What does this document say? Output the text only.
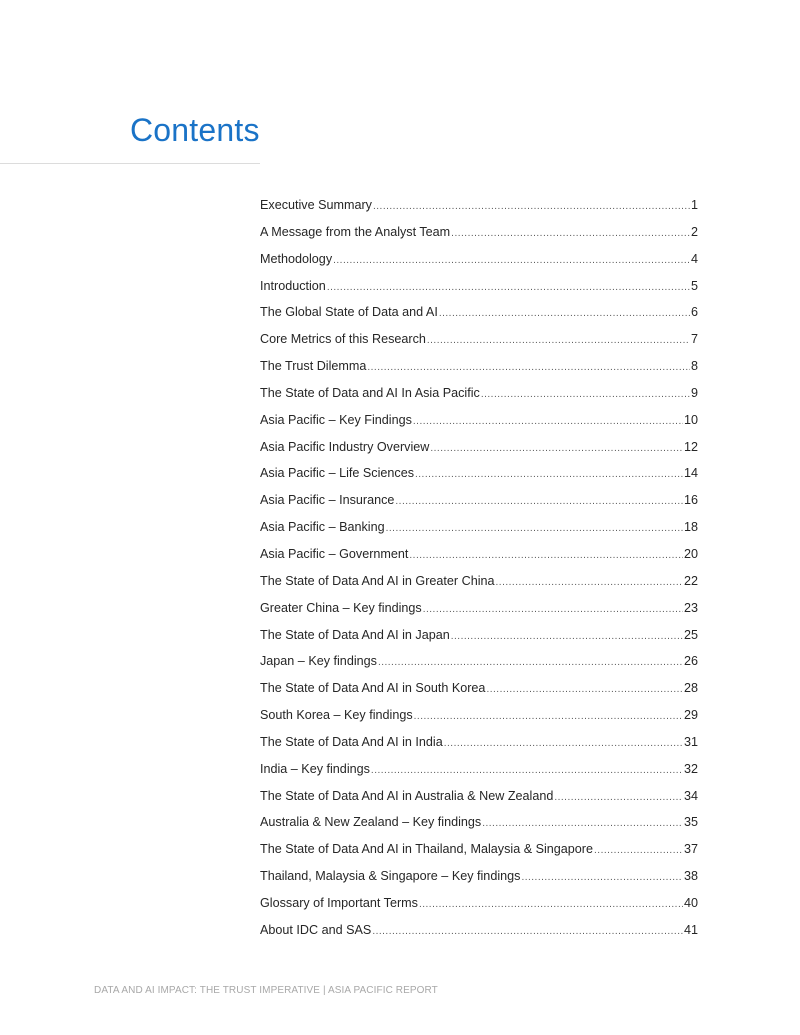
Contents
Executive Summary .....	1
A Message from the Analyst Team .....	2
Methodology .....	4
Introduction .....	5
The Global State of Data and AI .....	6
Core Metrics of this Research .....	7
The Trust Dilemma .....	8
The State of Data and AI In Asia Pacific .....	9
Asia Pacific – Key Findings .....	10
Asia Pacific Industry Overview .....	12
Asia Pacific – Life Sciences .....	14
Asia Pacific – Insurance .....	16
Asia Pacific – Banking .....	18
Asia Pacific – Government .....	20
The State of Data And AI in Greater China .....	22
Greater China – Key findings .....	23
The State of Data And AI in Japan .....	25
Japan – Key findings .....	26
The State of Data And AI in South Korea .....	28
South Korea – Key findings .....	29
The State of Data And AI in India .....	31
India – Key findings .....	32
The State of Data And AI in Australia & New Zealand .....	34
Australia & New Zealand – Key findings .....	35
The State of Data And AI in Thailand, Malaysia & Singapore .....	37
Thailand, Malaysia & Singapore – Key findings .....	38
Glossary of Important Terms .....	40
About IDC and SAS .....	41
DATA AND AI IMPACT: THE TRUST IMPERATIVE | ASIA PACIFIC REPORT
